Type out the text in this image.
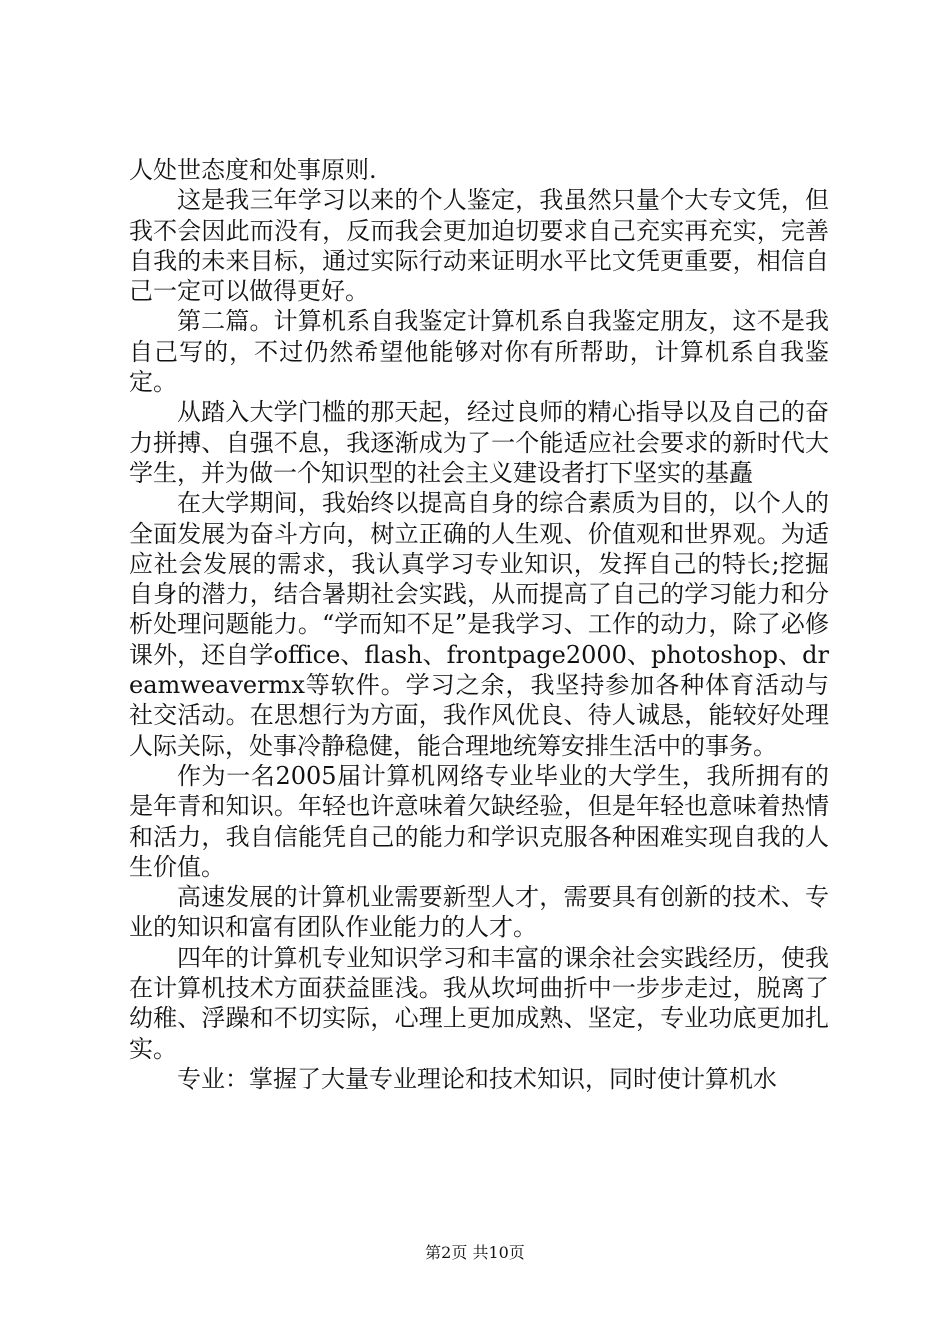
人处世态度和处事原则.

这是我三年学习以来的个人鉴定，我虽然只量个大专文凭，但我不会因此而没有，反而我会更加迫切要求自己充实再充实，完善自我的未来目标，通过实际行动来证明水平比文凭更重要，相信自己一定可以做得更好。

第二篇。计算机系自我鉴定计算机系自我鉴定朋友，这不是我自己写的，不过仍然希望他能够对你有所帮助，计算机系自我鉴定。

从踏入大学门槛的那天起，经过良师的精心指导以及自己的奋力拼搏、自强不息，我逐渐成为了一个能适应社会要求的新时代大学生，并为做一个知识型的社会主义建设者打下坚实的基矗

在大学期间，我始终以提高自身的综合素质为目的，以个人的全面发展为奋斗方向，树立正确的人生观、价值观和世界观。为适应社会发展的需求，我认真学习专业知识，发挥自己的特长;挖掘自身的潜力，结合暑期社会实践，从而提高了自己的学习能力和分析处理问题能力。“学而知不足”是我学习、工作的动力，除了必修课外，还自学office、flash、frontpage2000、photoshop、dreamweavermx等软件。学习之余，我坚持参加各种体育活动与社交活动。在思想行为方面，我作风优良、待人诚恳，能较好处理人际关际，处事冷静稳健，能合理地统筹安排生活中的事务。

作为一名2005届计算机网络专业毕业的大学生，我所拥有的是年青和知识。年轻也许意味着欠缺经验，但是年轻也意味着热情和活力，我自信能凭自己的能力和学识克服各种困难实现自我的人生价值。

高速发展的计算机业需要新型人才，需要具有创新的技术、专业的知识和富有团队作业能力的人才。

四年的计算机专业知识学习和丰富的课余社会实践经历，使我在计算机技术方面获益匪浅。我从坎坷曲折中一步步走过，脱离了幼稚、浮躁和不切实际，心理上更加成熟、坚定，专业功底更加扎实。

专业：掌握了大量专业理论和技术知识，同时使计算机水

第2页 共10页
